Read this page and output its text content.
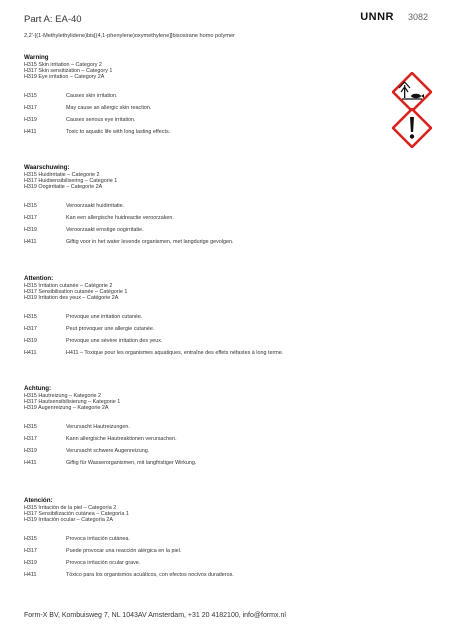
Part A: EA-40	UNNR 3082
2,2'-[(1-Methylethylidene)bis[(4,1-phenylene)oxymethylene]]bisoxirane homo polymer
Warning
H315 Skin irritation – Category 2
H317 Skin sensitization – Category 1
H319 Eye irritation – Category 2A
H315	Causes skin irritation.
H317	May cause an allergic skin reaction.
H319	Causes serious eye irritation.
H411	Toxic to aquatic life with long lasting effects.
Waarschuwing:
H315 Huidirritatie – Categorie 2
H317 Huidsensibilisering – Categorie 1
H319 Oogirritatie – Categorie 2A
H315	Veroorzaakt huidirritatie.
H317	Kan een allergische huidreactie veroorzaken.
H319	Veroorzaakt ernstige oogirritatie.
H411	Giftig voor in het water levende organismen, met langdurige gevolgen.
Attention:
H315 Irritation cutanée – Catégorie 2
H317 Sensibilisation cutanée – Catégorie 1
H319 Irritation des yeux – Catégorie 2A
H315	Provoque une irritation cutanée.
H317	Peut provoquer une allergie cutanée.
H319	Provoque une sévère irritation des yeux.
H411	H411 – Toxique pour les organismes aquatiques, entraîne des effets néfastes à long terme.
Achtung:
H315 Hautreizung – Kategorie 2
H317 Hautsensibilisierung – Kategorie 1
H319 Augenreizung – Kategorie 2A
H315	Verursacht Hautreizungen.
H317	Kann allergische Hautreaktionen verursachen.
H319	Verursacht schwere Augenreizung.
H411	Giftig für Wasserorganismen, mit langfristiger Wirkung.
Atención:
H315 Irritación de la piel – Categoría 2
H317 Sensibilización cutánea – Categoría 1
H319 Irritación ocular – Categoría 2A
H315	Provoca irritación cutánea.
H317	Puede provocar una reacción alérgica en la piel.
H319	Provoca irritación ocular grave.
H411	Tóxico para los organismos acuáticos, con efectos nocivos duraderos.
Form-X BV, Kombuisweg 7, NL 1043AV Amsterdam, +31 20 4182100, info@formx.nl
